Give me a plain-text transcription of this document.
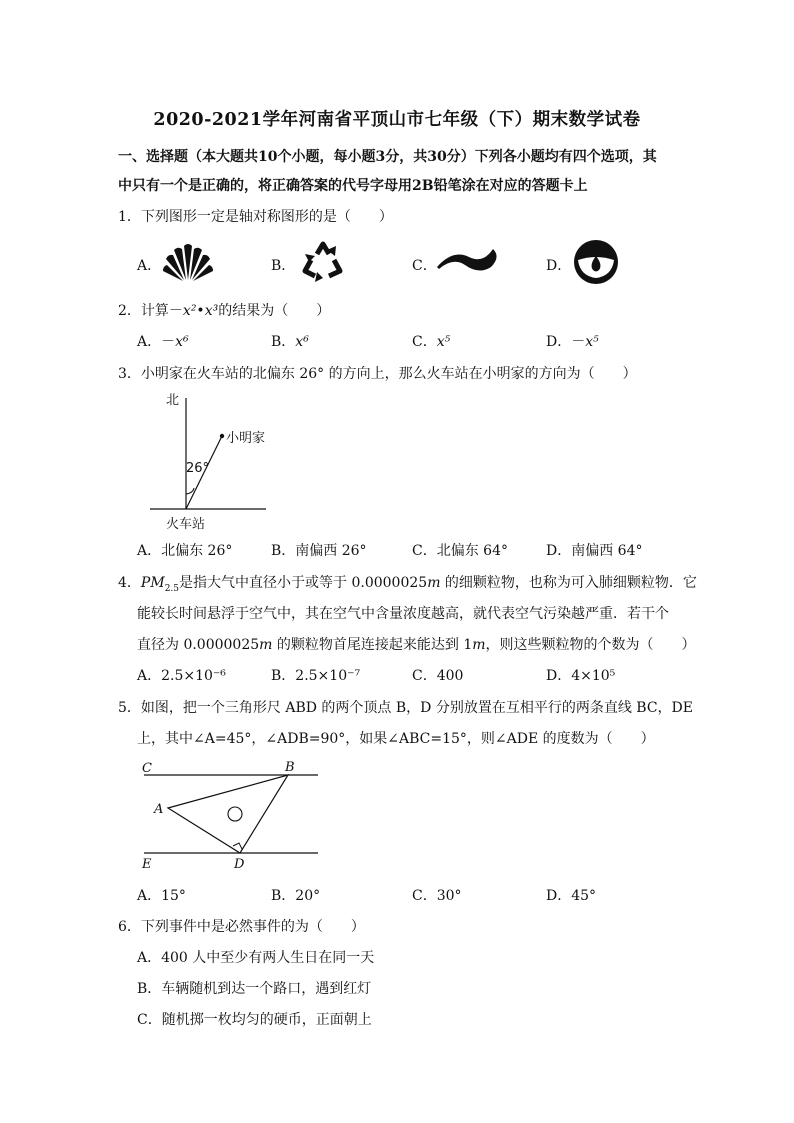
2020-2021学年河南省平顶山市七年级（下）期末数学试卷
一、选择题（本大题共10个小题，每小题3分，共30分）下列各小题均有四个选项，其
中只有一个是正确的，将正确答案的代号字母用2B铅笔涂在对应的答题卡上
1．下列图形一定是轴对称图形的是（　　）
A．	B．	C．	D．
2．计算－x²•x³的结果为（　　）
A．－x⁶	B．x⁶	C．x⁵	D．－x⁵
3．小明家在火车站的北偏东 26° 的方向上，那么火车站在小明家的方向为（　　）
北
小明家
26°
火车站
A．北偏东 26°	B．南偏西 26°	C．北偏东 64°	D．南偏西 64°
4．$PM_{2.5}$是指大气中直径小于或等于 0.0000025m 的细颗粒物，也称为可入肺细颗粒物．它
能较长时间悬浮于空气中，其在空气中含量浓度越高，就代表空气污染越严重．若干个
直径为 0.0000025m 的颗粒物首尾连接起来能达到 1m，则这些颗粒物的个数为（　　）
A．2.5×10⁻⁶	B．2.5×10⁻⁷	C．400	D．4×10⁵
5．如图，把一个三角形尺 ABD 的两个顶点 B，D 分别放置在互相平行的两条直线 BC，DE
上，其中∠A=45°，∠ADB=90°，如果∠ABC=15°，则∠ADE 的度数为（　　）
C	B
A
E	D
A．15°	B．20°	C．30°	D．45°
6．下列事件中是必然事件的为（　　）
A．400 人中至少有两人生日在同一天
B．车辆随机到达一个路口，遇到红灯
C．随机掷一枚均匀的硬币，正面朝上
